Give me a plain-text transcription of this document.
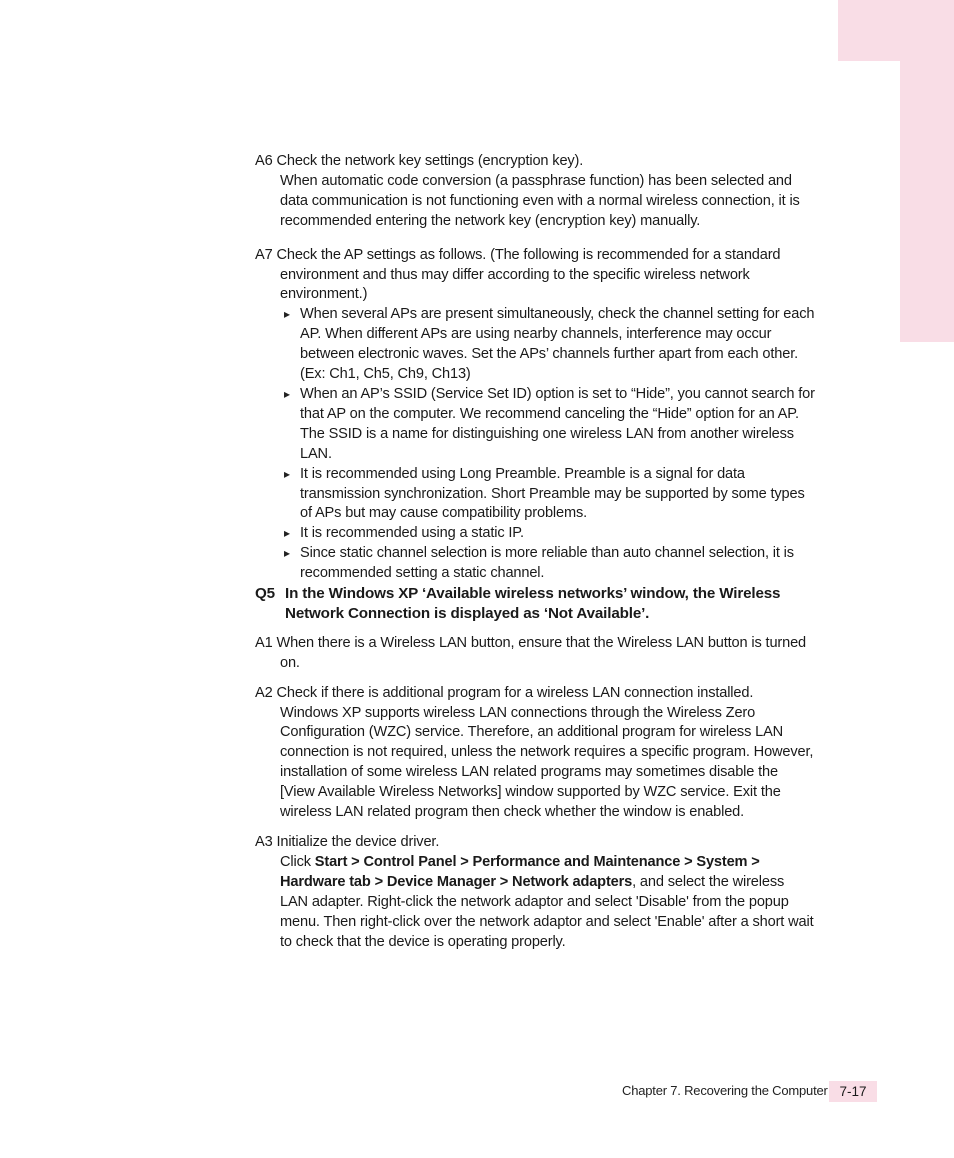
A6 Check the network key settings (encryption key).
When automatic code conversion (a passphrase function) has been selected and data communication is not functioning even with a normal wireless connection, it is recommended entering the network key (encryption key) manually.
A7 Check the AP settings as follows. (The following is recommended for a standard environment and thus may differ according to the specific wireless network environment.)
▸ When several APs are present simultaneously, check the channel setting for each AP. When different APs are using nearby channels, interference may occur between electronic waves. Set the APs’ channels further apart from each other. (Ex: Ch1, Ch5, Ch9, Ch13)
▸ When an AP’s SSID (Service Set ID) option is set to “Hide”, you cannot search for that AP on the computer. We recommend canceling the “Hide” option for an AP. The SSID is a name for distinguishing one wireless LAN from another wireless LAN.
▸ It is recommended using Long Preamble. Preamble is a signal for data transmission synchronization. Short Preamble may be supported by some types of APs but may cause compatibility problems.
▸ It is recommended using a static IP.
▸ Since static channel selection is more reliable than auto channel selection, it is recommended setting a static channel.
Q5 In the Windows XP ‘Available wireless networks’ window, the Wireless Network Connection is displayed as ‘Not Available’.
A1 When there is a Wireless LAN button, ensure that the Wireless LAN button is turned on.
A2 Check if there is additional program for a wireless LAN connection installed. Windows XP supports wireless LAN connections through the Wireless Zero Configuration (WZC) service. Therefore, an additional program for wireless LAN connection is not required, unless the network requires a specific program. However, installation of some wireless LAN related programs may sometimes disable the [View Available Wireless Networks] window supported by WZC service. Exit the wireless LAN related program then check whether the window is enabled.
A3 Initialize the device driver.
Click Start > Control Panel > Performance and Maintenance > System > Hardware tab > Device Manager > Network adapters, and select the wireless LAN adapter. Right-click the network adaptor and select 'Disable' from the popup menu. Then right-click over the network adaptor and select 'Enable' after a short wait to check that the device is operating properly.
Chapter 7. Recovering the Computer 7-17
